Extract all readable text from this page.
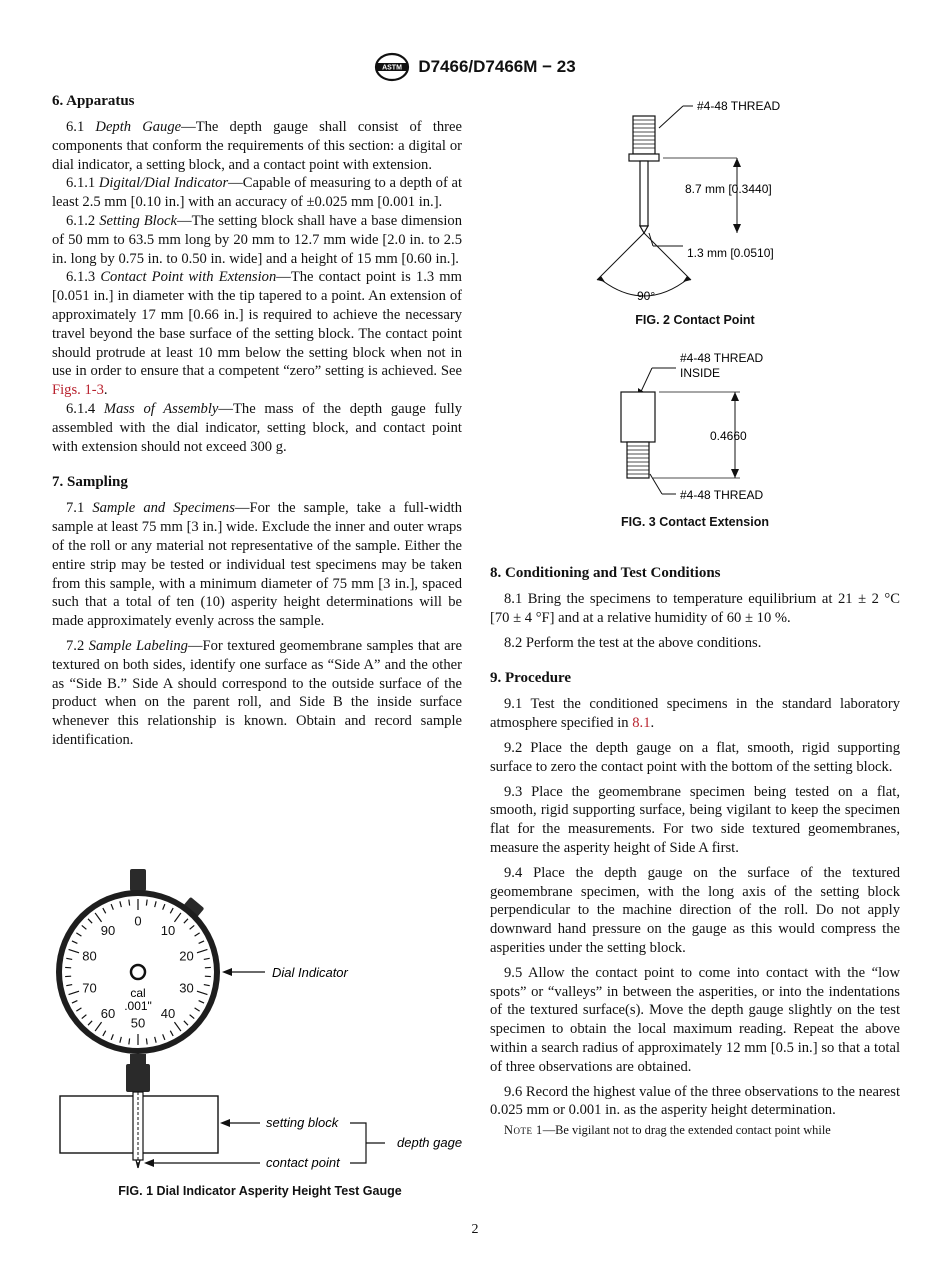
ASTM D7466/D7466M − 23
6. Apparatus

6.1 Depth Gauge—The depth gauge shall consist of three components that conform the requirements of this section: a digital or dial indicator, a setting block, and a contact point with extension.

6.1.1 Digital/Dial Indicator—Capable of measuring to a depth of at least 2.5 mm [0.10 in.] with an accuracy of ±0.025 mm [0.001 in.].

6.1.2 Setting Block—The setting block shall have a base dimension of 50 mm to 63.5 mm long by 20 mm to 12.7 mm wide [2.0 in. to 2.5 in. long by 0.75 in. to 0.50 in. wide] and a height of 15 mm [0.60 in.].

6.1.3 Contact Point with Extension—The contact point is 1.3 mm [0.051 in.] in diameter with the tip tapered to a point. An extension of approximately 17 mm [0.66 in.] is required to achieve the necessary travel beyond the base surface of the setting block. The contact point should protrude at least 10 mm below the setting block when not in use in order to ensure that a competent “zero” setting is achieved. See Figs. 1-3.

6.1.4 Mass of Assembly—The mass of the depth gauge fully assembled with the dial indicator, setting block, and contact point with extension should not exceed 300 g.

7. Sampling

7.1 Sample and Specimens—For the sample, take a full-width sample at least 75 mm [3 in.] wide. Exclude the inner and outer wraps of the roll or any material not representative of the sample. Either the entire strip may be tested or individual test specimens may be taken from this sample, with a minimum diameter of 75 mm [3 in.], spaced such that a total of ten (10) asperity height determinations will be made approximately evenly across the sample.

7.2 Sample Labeling—For textured geomembrane samples that are textured on both sides, identify one surface as “Side A” and the other as “Side B.” Side A should correspond to the outside surface of the product when on the parent roll, and Side B the inside surface whenever this relationship is known. Obtain and record sample identification.

0
10
20
30
40
50
60
70
80
90
cal
.001"
Dial Indicator
setting block
contact point
depth gage
FIG. 1 Dial Indicator Asperity Height Test Gauge
90°
#4-48 THREAD
8.7 mm [0.3440]
1.3 mm [0.0510]
FIG. 2 Contact Point
#4-48 THREAD
INSIDE
0.4660
#4-48 THREAD
FIG. 3 Contact Extension
8. Conditioning and Test Conditions

8.1 Bring the specimens to temperature equilibrium at 21 ± 2 °C [70 ± 4 °F] and at a relative humidity of 60 ± 10 %.

8.2 Perform the test at the above conditions.

9. Procedure

9.1 Test the conditioned specimens in the standard laboratory atmosphere specified in 8.1.

9.2 Place the depth gauge on a flat, smooth, rigid supporting surface to zero the contact point with the bottom of the setting block.

9.3 Place the geomembrane specimen being tested on a flat, smooth, rigid supporting surface, being vigilant to keep the specimen flat for the measurements. For two side textured geomembranes, measure the asperity height of Side A first.

9.4 Place the depth gauge on the surface of the textured geomembrane specimen, with the long axis of the setting block perpendicular to the machine direction of the roll. Do not apply downward hand pressure on the gauge as this would compress the asperities under the setting block.

9.5 Allow the contact point to come into contact with the “low spots” or “valleys” in between the asperities, or into the indentations of the textured surface(s). Move the depth gauge slightly on the test specimen to obtain the local maximum reading. Repeat the above within a search radius of approximately 12 mm [0.5 in.] so that a total of three observations are obtained.

9.6 Record the highest value of the three observations to the nearest 0.025 mm or 0.001 in. as the asperity height determination.

Note 1—Be vigilant not to drag the extended contact point while
2
